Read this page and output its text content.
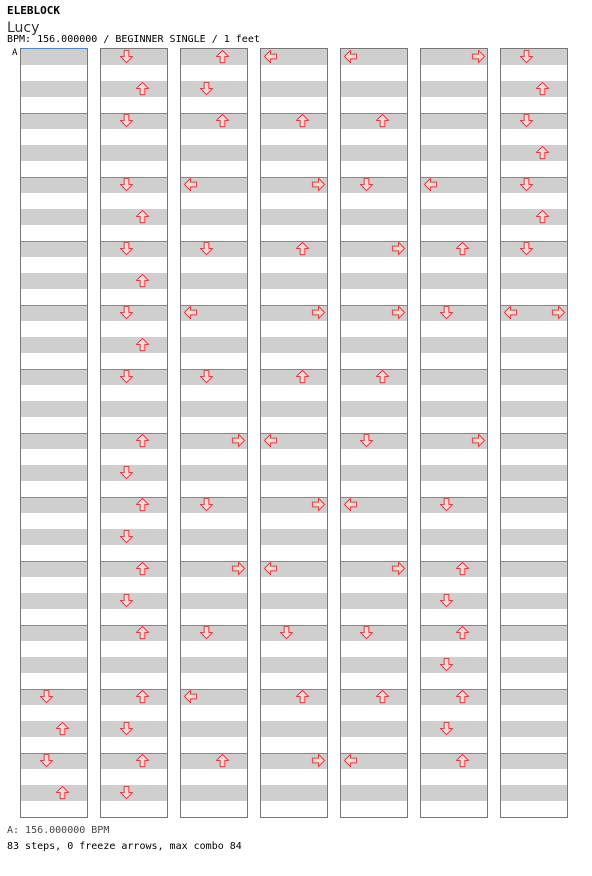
ELEBLOCK
Lucy
BPM: 156.000000 / BEGINNER SINGLE / 1 feet
A
A: 156.000000 BPM
83 steps, 0 freeze arrows, max combo 84
